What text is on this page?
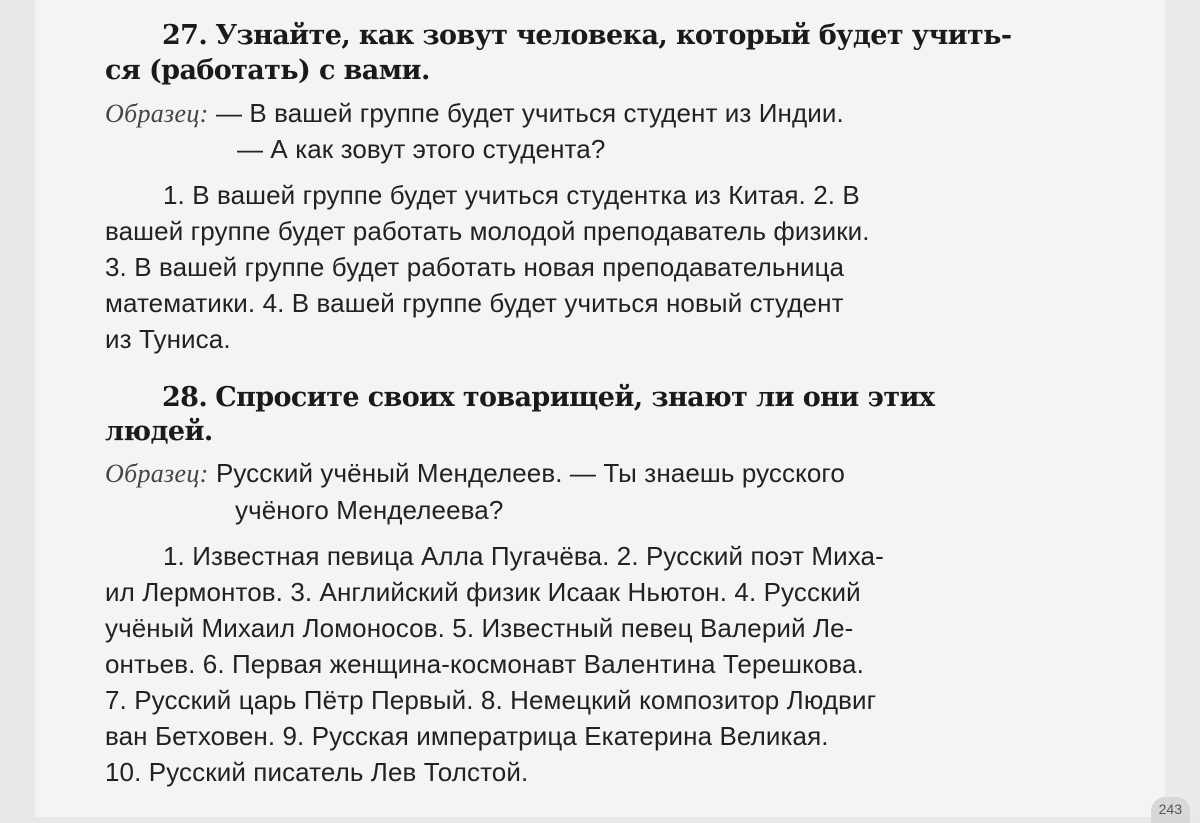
27. Узнайте, как зовут человека, который будет учить-

ся (работать) с вами.

Образец: — В вашей группе будет учиться студент из Индии.

— А как зовут этого студента?

1. В вашей группе будет учиться студентка из Китая. 2. В

вашей группе будет работать молодой преподаватель физики.

3. В вашей группе будет работать новая преподавательница

математики. 4. В вашей группе будет учиться новый студент

из Туниса.

28. Спросите своих товарищей, знают ли они этих

людей.

Образец: Русский учёный Менделеев. — Ты знаешь русского

учёного Менделеева?

1. Известная певица Алла Пугачёва. 2. Русский поэт Миха-

ил Лермонтов. 3. Английский физик Исаак Ньютон. 4. Русский

учёный Михаил Ломоносов. 5. Известный певец Валерий Ле-

онтьев. 6. Первая женщина-космонавт Валентина Терешкова.

7. Русский царь Пётр Первый. 8. Немецкий композитор Людвиг

ван Бетховен. 9. Русская императрица Екатерина Великая.

10. Русский писатель Лев Толстой.

243
